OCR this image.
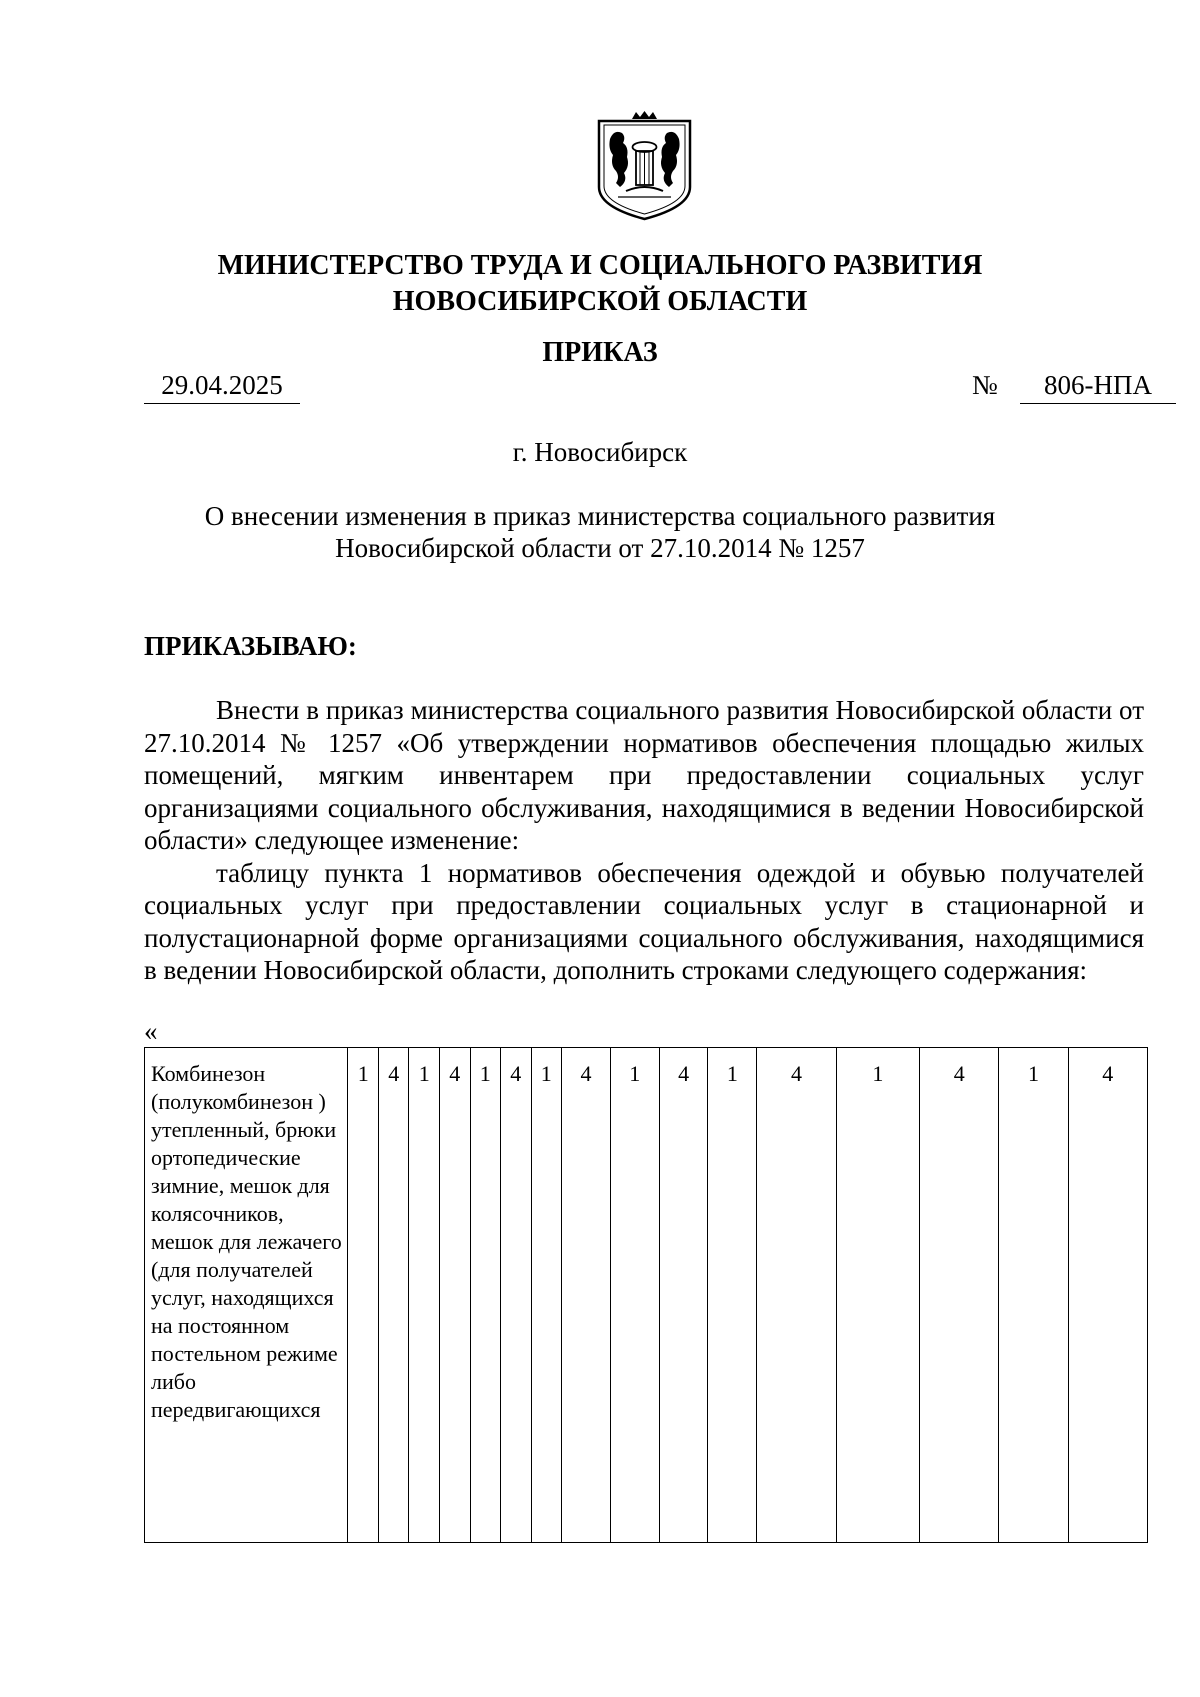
МИНИСТЕРСТВО ТРУДА И СОЦИАЛЬНОГО РАЗВИТИЯ
НОВОСИБИРСКОЙ ОБЛАСТИ
ПРИКАЗ
29.04.2025	№	806-НПА
г. Новосибирск
О внесении изменения в приказ министерства социального развития
Новосибирской области от 27.10.2014 № 1257
ПРИКАЗЫВАЮ:

Внести в приказ министерства социального развития Новосибирской области от 27.10.2014 № 1257 «Об утверждении нормативов обеспечения площадью жилых помещений, мягким инвентарем при предоставлении социальных услуг организациями социального обслуживания, находящимися в ведении Новосибирской области» следующее изменение:

таблицу пункта 1 нормативов обеспечения одеждой и обувью получателей социальных услуг при предоставлении социальных услуг в стационарной и полустационарной форме организациями социального обслуживания, находящимися в ведении Новосибирской области, дополнить строками следующего содержания:

«
Комбинезон (полукомбинезон ) утепленный, брюки ортопедические зимние, мешок для колясочников, мешок для лежачего (для получателей услуг, находящихся на постоянном постельном режиме либо передвигающихся	1	4	1	4	1	4	1	4	1	4	1	4	1	4	1	4
